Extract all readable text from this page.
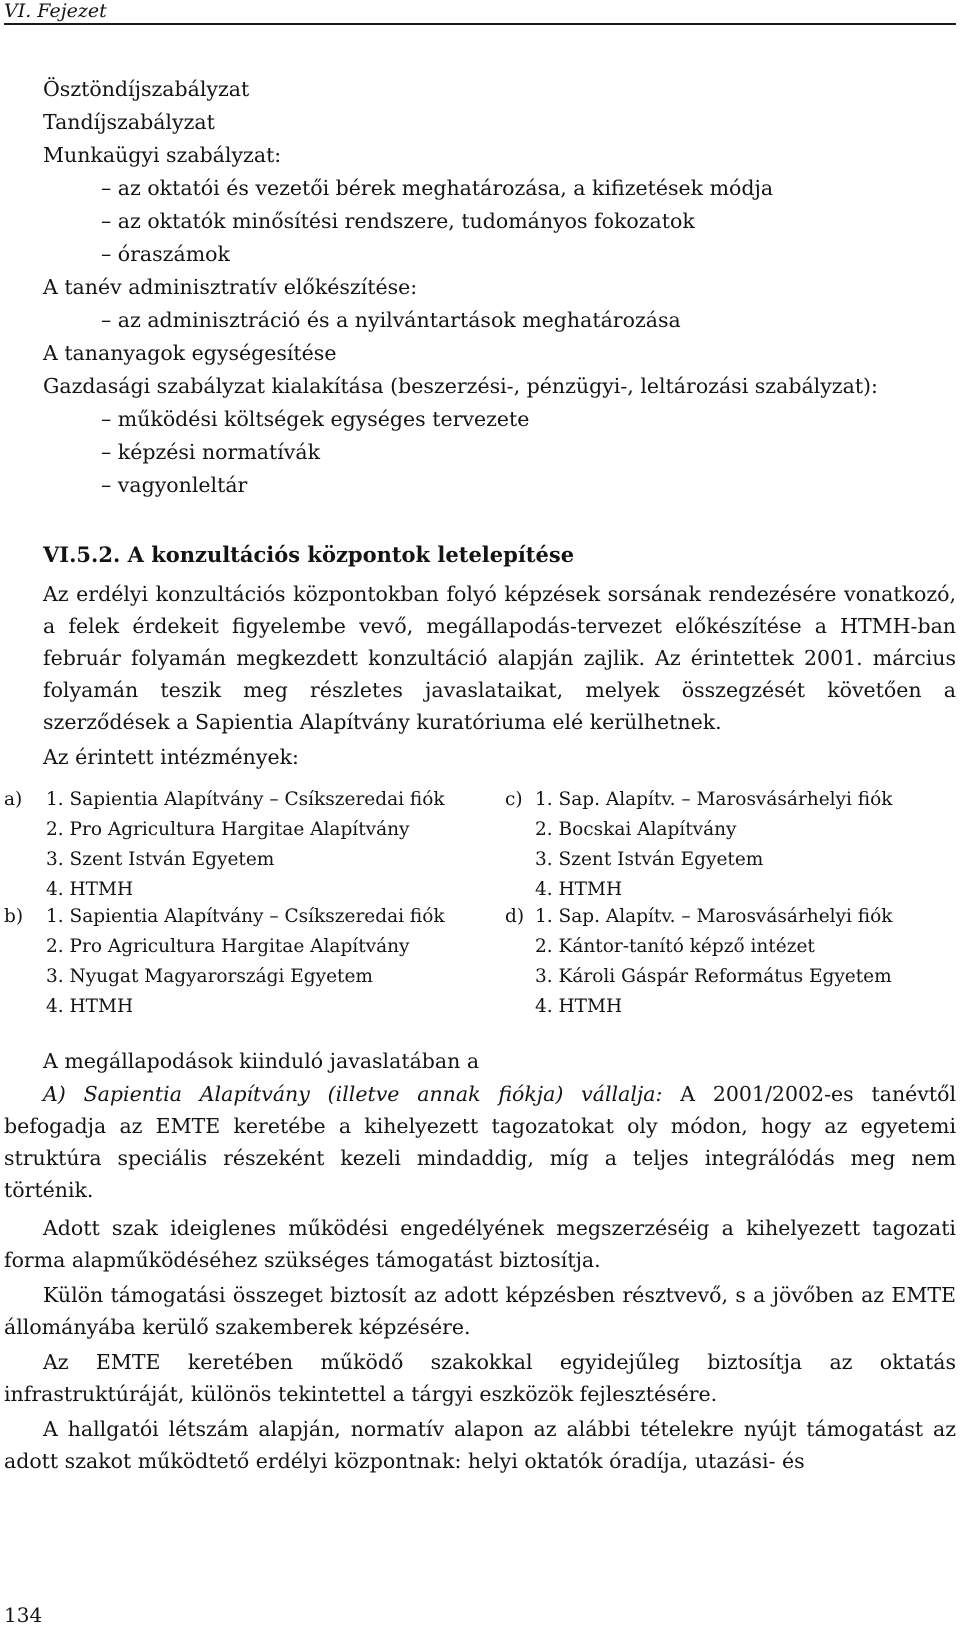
VI. Fejezet
Ösztöndíjszabályzat
Tandíjszabályzat
Munkaügyi szabályzat:
– az oktatói és vezetői bérek meghatározása, a kifizetések módja
– az oktatók minősítési rendszere, tudományos fokozatok
– óraszámok
A tanév adminisztratív előkészítése:
– az adminisztráció és a nyilvántartások meghatározása
A tananyagok egységesítése
Gazdasági szabályzat kialakítása (beszerzési-, pénzügyi-, leltározási szabályzat):
– működési költségek egységes tervezete
– képzési normatívák
– vagyonleltár
VI.5.2. A konzultációs központok letelepítése
Az erdélyi konzultációs központokban folyó képzések sorsának rendezésére vonatkozó, a felek érdekeit figyelembe vevő, megállapodás-tervezet előkészítése a HTMH-ban február folyamán megkezdett konzultáció alapján zajlik. Az érintettek 2001. március folyamán teszik meg részletes javaslataikat, melyek összegzését követően a szerződések a Sapientia Alapítvány kuratóriuma elé kerülhetnek.
Az érintett intézmények:
a) 1. Sapientia Alapítvány – Csíkszeredai fiók
2. Pro Agricultura Hargitae Alapítvány
3. Szent István Egyetem
4. HTMH
b) 1. Sapientia Alapítvány – Csíkszeredai fiók
2. Pro Agricultura Hargitae Alapítvány
3. Nyugat Magyarországi Egyetem
4. HTMH
c) 1. Sap. Alapítv. – Marosvásárhelyi fiók
2. Bocskai Alapítvány
3. Szent István Egyetem
4. HTMH
d) 1. Sap. Alapítv. – Marosvásárhelyi fiók
2. Kántor-tanító képző intézet
3. Károli Gáspár Református Egyetem
4. HTMH
A megállapodások kiinduló javaslatában a
A) Sapientia Alapítvány (illetve annak fiókja) vállalja: A 2001/2002-es tanévtől befogadja az EMTE keretébe a kihelyezett tagozatokat oly módon, hogy az egyetemi struktúra speciális részeként kezeli mindaddig, míg a teljes integrálódás meg nem történik.
Adott szak ideiglenes működési engedélyének megszerzéséig a kihelyezett tagozati forma alapműködéséhez szükséges támogatást biztosítja.
Külön támogatási összeget biztosít az adott képzésben résztvevő, s a jövőben az EMTE állományába kerülő szakemberek képzésére.
Az EMTE keretében működő szakokkal egyidejűleg biztosítja az oktatás infrastruktúráját, különös tekintettel a tárgyi eszközök fejlesztésére.
A hallgatói létszám alapján, normatív alapon az alábbi tételekre nyújt támogatást az adott szakot működtető erdélyi központnak: helyi oktatók óradíja, utazási- és
134
